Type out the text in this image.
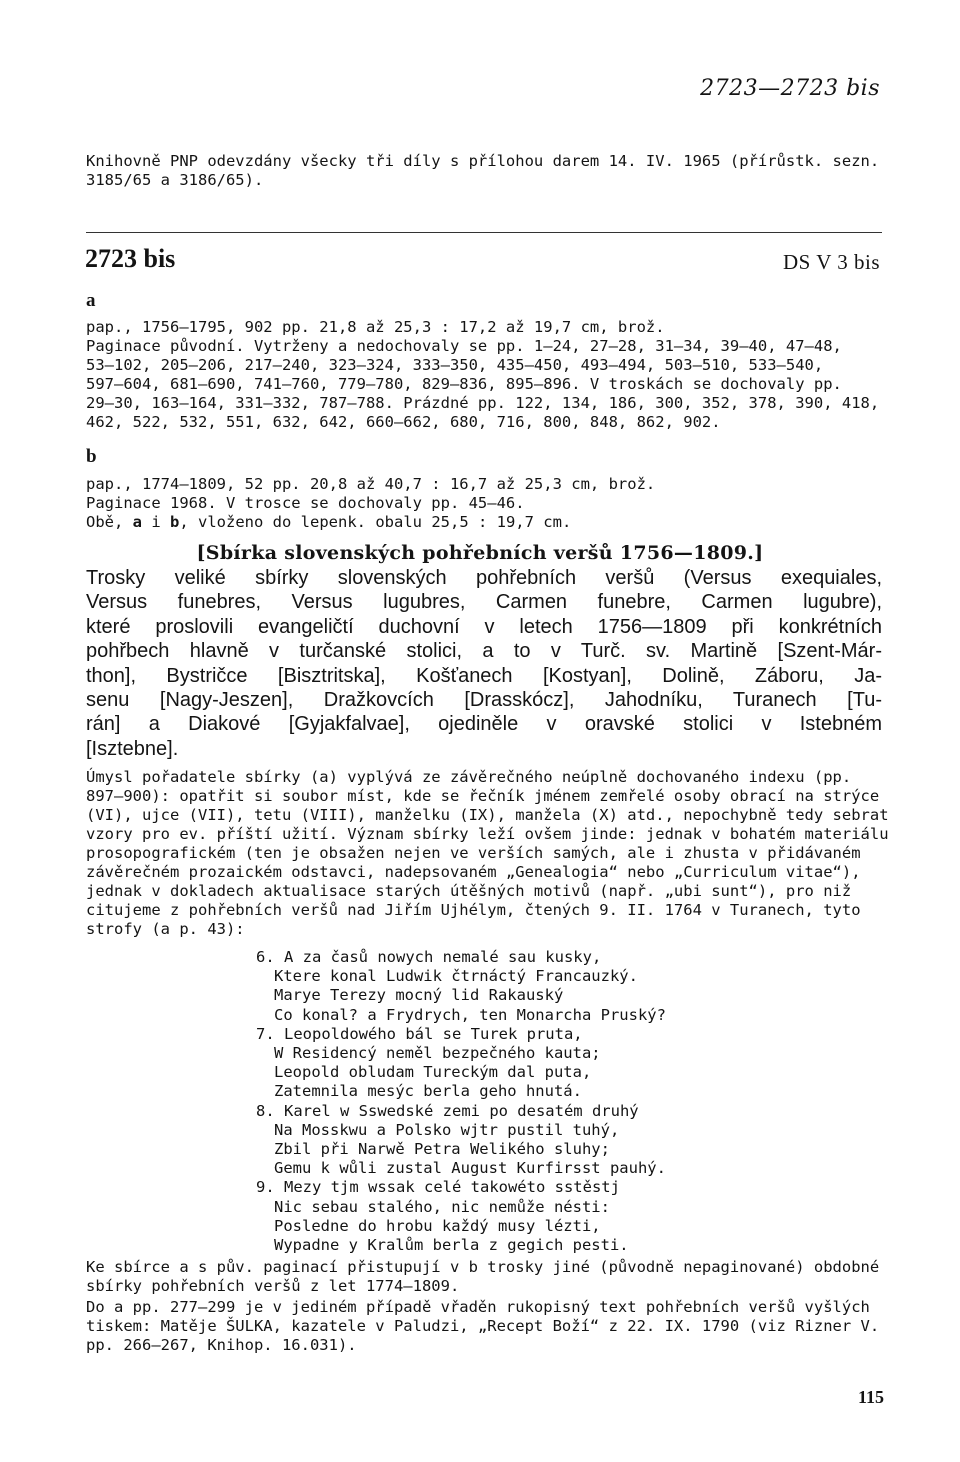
2723—2723 bis

Knihovně PNP odevzdány všecky tři díly s přílohou darem 14. IV. 1965 (přírůstk. sezn.
3185/65 a 3186/65).

2723 bis	DS V 3 bis
a

pap., 1756—1795, 902 pp. 21,8 až 25,3 : 17,2 až 19,7 cm, brož.
Paginace původní. Vytrženy a nedochovaly se pp. 1—24, 27—28, 31—34, 39—40, 47—48,
53—102, 205—206, 217—240, 323—324, 333—350, 435—450, 493—494, 503—510, 533—540,
597—604, 681—690, 741—760, 779—780, 829—836, 895—896. V troskách se dochovaly pp.
29—30, 163—164, 331—332, 787—788. Prázdné pp. 122, 134, 186, 300, 352, 378, 390, 418,
462, 522, 532, 551, 632, 642, 660—662, 680, 716, 800, 848, 862, 902.

b

pap., 1774—1809, 52 pp. 20,8 až 40,7 : 16,7 až 25,3 cm, brož.
Paginace 1968. V trosce se dochovaly pp. 45—46.
Obě, a i b, vloženo do lepenk. obalu 25,5 : 19,7 cm.

[Sbírka slovenských pohřebních veršů 1756—1809.]

Trosky veliké sbírky slovenských pohřebních veršů (Versus exequiales,
Versus funebres, Versus lugubres, Carmen funebre, Carmen lugubre),
které proslovili evangeličtí duchovní v letech 1756—1809 při konkrétních
pohřbech hlavně v turčanské stolici, a to v Turč. sv. Martině [Szent-Már-
thon], Bystričce [Bisztritska], Košťanech [Kostyan], Dolině, Záboru, Ja-
senu [Nagy-Jeszen], Dražkovcích [Drasskócz], Jahodníku, Turanech [Tu-
rán] a Diakové [Gyjakfalvae], ojediněle v oravské stolici v Istebném
[Isztebne].

Úmysl pořadatele sbírky (a) vyplývá ze závěrečného neúplně dochovaného indexu (pp.
897—900): opatřit si soubor míst, kde se řečník jménem zemřelé osoby obrací na strýce
(VI), ujce (VII), tetu (VIII), manželku (IX), manžela (X) atd., nepochybně tedy sebrat
vzory pro ev. příští užití. Význam sbírky leží ovšem jinde: jednak v bohatém materiálu
prosopografickém (ten je obsažen nejen ve verších samých, ale i zhusta v přidávaném
závěrečném prozaickém odstavci, nadepsovaném „Genealogia“ nebo „Curriculum vitae“),
jednak v dokladech aktualisace starých útěšných motivů (např. „ubi sunt“), pro niž
citujeme z pohřebních veršů nad Jiřím Ujhélym, čtených 9. II. 1764 v Turanech, tyto
strofy (a p. 43):

6. A za časů nowych nemalé sau kusky,
Ktere konal Ludwik čtrnáctý Francauzký.
Marye Terezy mocný lid Rakauský
Co konal? a Frydrych, ten Monarcha Pruský?
7. Leopoldowého bál se Turek pruta,
W Residencý neměl bezpečného kauta;
Leopold obludam Tureckým dal puta,
Zatemnila mesýc berla geho hnutá.
8. Karel w Sswedské zemi po desatém druhý
Na Mosskwu a Polsko wjtr pustil tuhý,
Zbil při Narwě Petra Welikého sluhy;
Gemu k wůli zustal August Kurfirsst pauhý.
9. Mezy tjm wssak celé takowéto sstěstj
Nic sebau stalého, nic nemůže nésti:
Posledne do hrobu každý musy lézti,
Wypadne y Kralům berla z gegich pesti.

Ke sbírce a s pův. paginací přistupují v b trosky jiné (původně nepaginované) obdobné
sbírky pohřebních veršů z let 1774—1809.

Do a pp. 277—299 je v jediném případě vřaděn rukopisný text pohřebních veršů vyšlých
tiskem: Matěje ŠULKA, kazatele v Paludzi, „Recept Boží“ z 22. IX. 1790 (viz Rizner V.
pp. 266—267, Knihop. 16.031).

115
